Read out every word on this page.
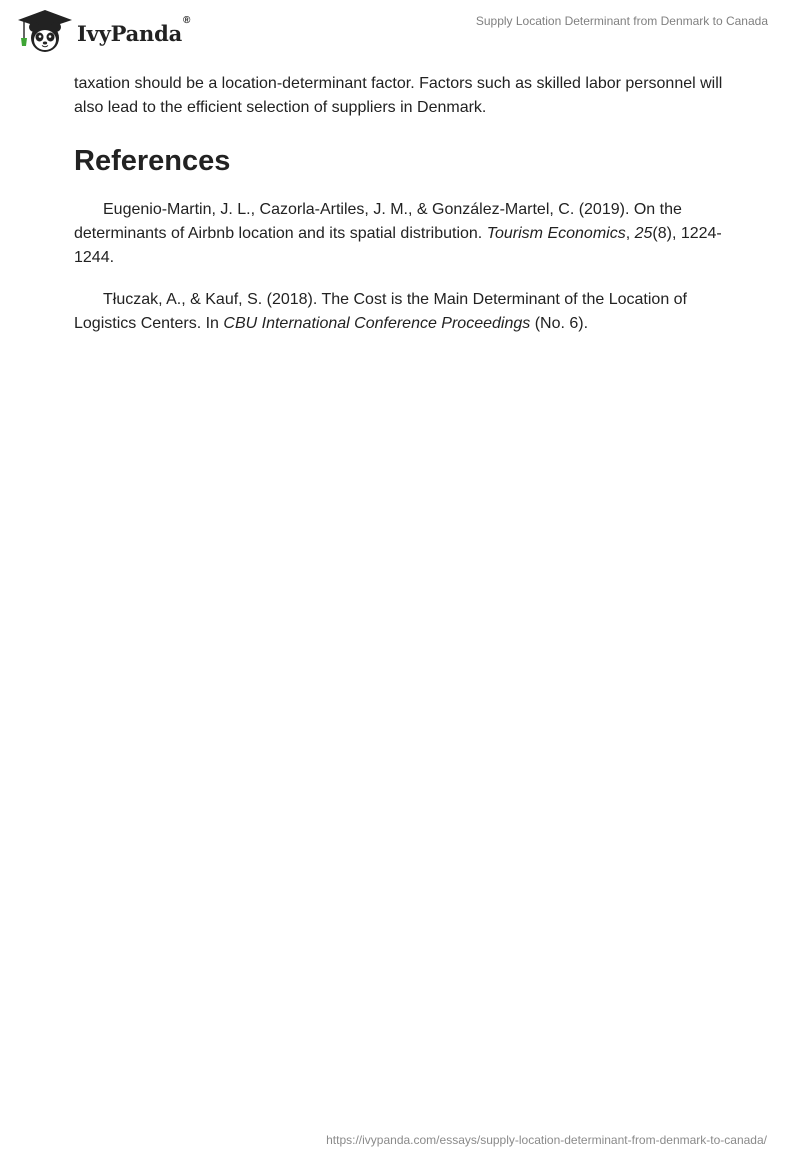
IvyPanda®	Supply Location Determinant from Denmark to Canada

taxation should be a location-determinant factor. Factors such as skilled labor personnel will also lead to the efficient selection of suppliers in Denmark.

References

Eugenio-Martin, J. L., Cazorla-Artiles, J. M., & González-Martel, C. (2019). On the determinants of Airbnb location and its spatial distribution. Tourism Economics, 25(8), 1224-1244.

Tłuczak, A., & Kauf, S. (2018). The Cost is the Main Determinant of the Location of Logistics Centers. In CBU International Conference Proceedings (No. 6).

https://ivypanda.com/essays/supply-location-determinant-from-denmark-to-canada/
